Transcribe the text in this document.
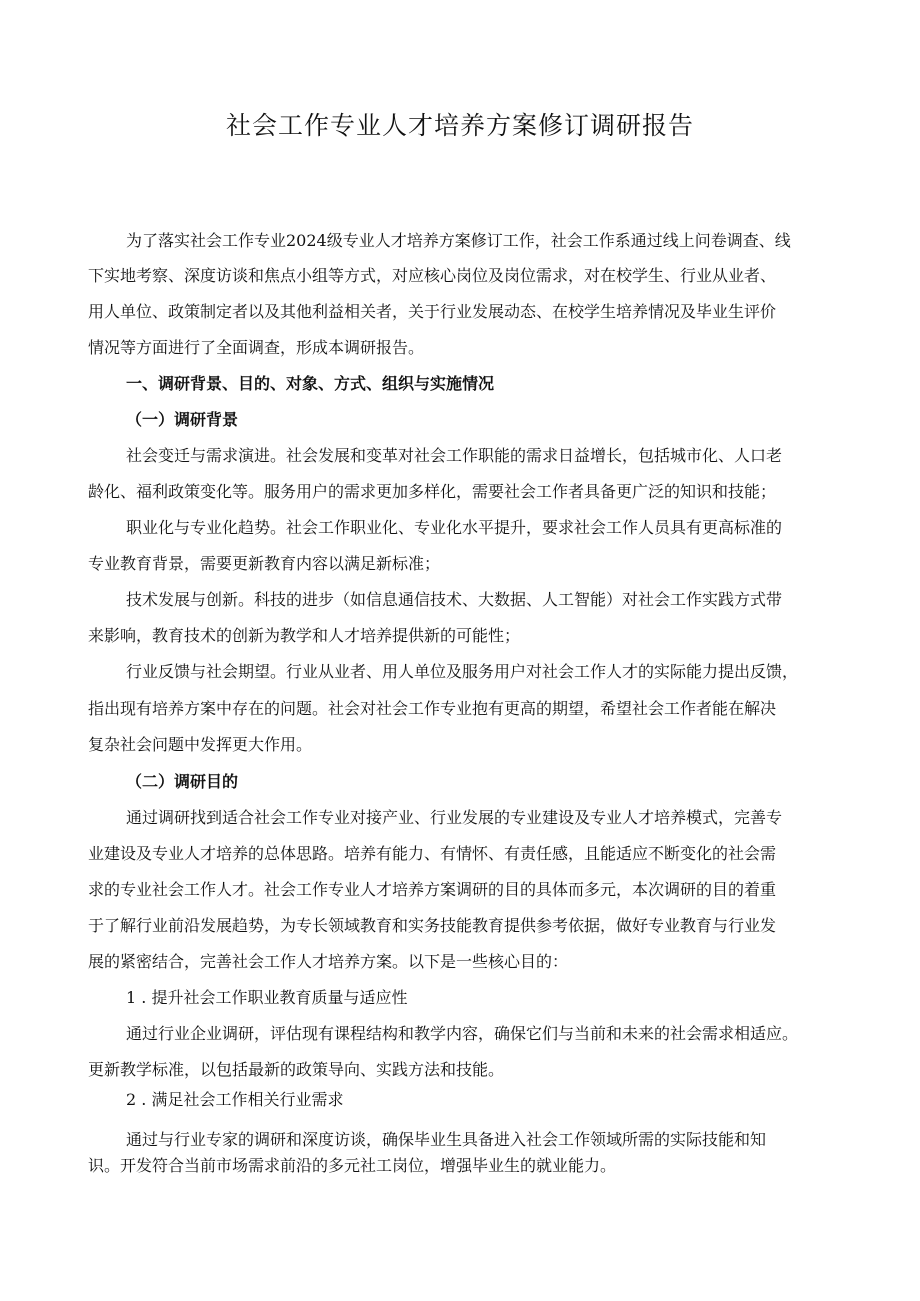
社会工作专业人才培养方案修订调研报告
为了落实社会工作专业2024级专业人才培养方案修订工作，社会工作系通过线上问卷调查、线
下实地考察、深度访谈和焦点小组等方式，对应核心岗位及岗位需求，对在校学生、行业从业者、
用人单位、政策制定者以及其他利益相关者，关于行业发展动态、在校学生培养情况及毕业生评价
情况等方面进行了全面调查，形成本调研报告。
一、调研背景、目的、对象、方式、组织与实施情况
（一）调研背景
社会变迁与需求演进。社会发展和变革对社会工作职能的需求日益增长，包括城市化、人口老
龄化、福利政策变化等。服务用户的需求更加多样化，需要社会工作者具备更广泛的知识和技能；
职业化与专业化趋势。社会工作职业化、专业化水平提升，要求社会工作人员具有更高标准的
专业教育背景，需要更新教育内容以满足新标准；
技术发展与创新。科技的进步（如信息通信技术、大数据、人工智能）对社会工作实践方式带
来影响，教育技术的创新为教学和人才培养提供新的可能性；
行业反馈与社会期望。行业从业者、用人单位及服务用户对社会工作人才的实际能力提出反馈，
指出现有培养方案中存在的问题。社会对社会工作专业抱有更高的期望，希望社会工作者能在解决
复杂社会问题中发挥更大作用。
（二）调研目的
通过调研找到适合社会工作专业对接产业、行业发展的专业建设及专业人才培养模式，完善专
业建设及专业人才培养的总体思路。培养有能力、有情怀、有责任感，且能适应不断变化的社会需
求的专业社会工作人才。社会工作专业人才培养方案调研的目的具体而多元，本次调研的目的着重
于了解行业前沿发展趋势，为专长领域教育和实务技能教育提供参考依据，做好专业教育与行业发
展的紧密结合，完善社会工作人才培养方案。以下是一些核心目的：
1 . 提升社会工作职业教育质量与适应性
通过行业企业调研，评估现有课程结构和教学内容，确保它们与当前和未来的社会需求相适应。
更新教学标准，以包括最新的政策导向、实践方法和技能。
2 . 满足社会工作相关行业需求
通过与行业专家的调研和深度访谈，确保毕业生具备进入社会工作领域所需的实际技能和知
识。开发符合当前市场需求前沿的多元社工岗位，增强毕业生的就业能力。
